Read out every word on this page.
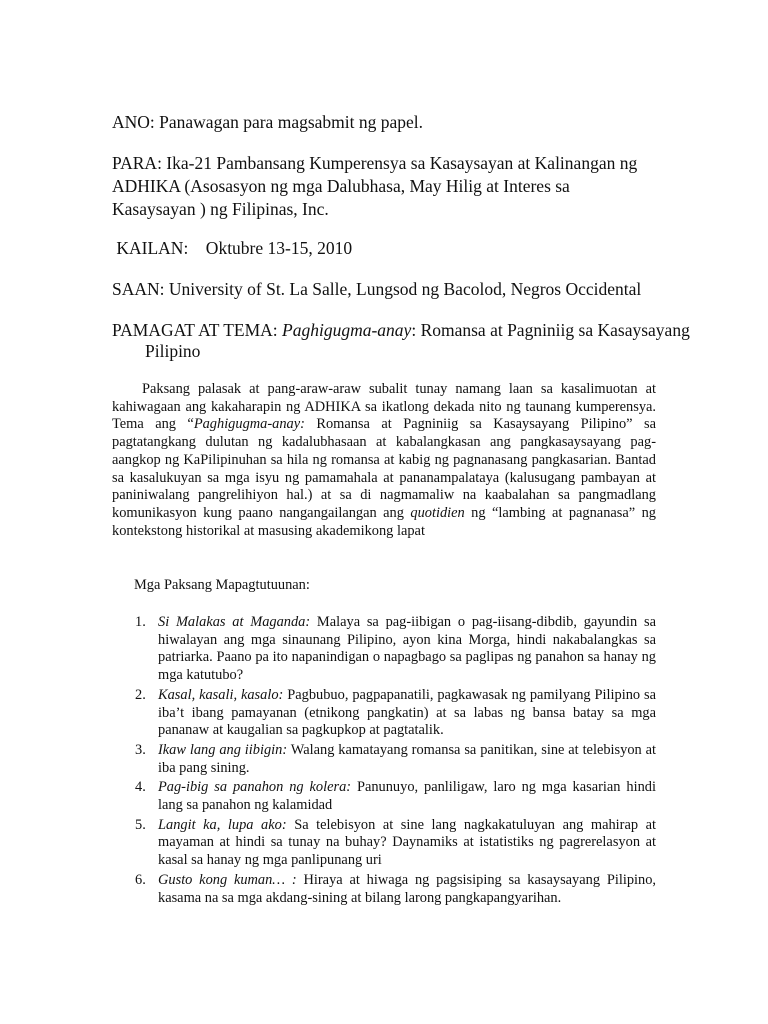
ANO: Panawagan para magsabmit ng papel.
PARA: Ika-21 Pambansang Kumperensya sa Kasaysayan at Kalinangan ng
ADHIKA (Asosasyon ng mga Dalubhasa, May Hilig at Interes sa
Kasaysayan ) ng Filipinas, Inc.
KAILAN:    Oktubre 13-15, 2010
SAAN: University of St. La Salle, Lungsod ng Bacolod, Negros Occidental
PAMAGAT AT TEMA: Paghigugma-anay: Romansa at Pagniniig sa Kasaysayang Pilipino
Paksang palasak at pang-araw-araw subalit tunay namang laan sa kasalimuotan at kahiwagaan ang kakaharapin ng ADHIKA sa ikatlong dekada nito ng taunang kumperensya. Tema ang “Paghigugma-anay: Romansa at Pagniniig sa Kasaysayang Pilipino” sa pagtatangkang dulutan ng kadalubhasaan at kabalangkasan ang pangkasaysayang pag-aangkop ng KaPilipinuhan sa hila ng romansa at kabig ng pagnanasang pangkasarian. Bantad sa kasalukuyan sa mga isyu ng pamamahala at pananampalataya (kalusugang pambayan at paniniwalang pangrelihiyon hal.) at sa di nagmamaliw na kaabalahan sa pangmadlang komunikasyon kung paano nangangailangan ang quotidien ng “lambing at pagnanasa” ng kontekstong historikal at masusing akademikong lapat
Mga Paksang Mapagtutuunan:
1. Si Malakas at Maganda: Malaya sa pag-iibigan o pag-iisang-dibdib, gayundin sa hiwalayan ang mga sinaunang Pilipino, ayon kina Morga, hindi nakabalangkas sa patriarka. Paano pa ito napanindigan o napagbago sa paglipas ng panahon sa hanay ng mga katutubo?
2. Kasal, kasali, kasalo: Pagbubuo, pagpapanatili, pagkawasak ng pamilyang Pilipino sa iba’t ibang pamayanan (etnikong pangkatin) at sa labas ng bansa batay sa mga pananaw at kaugalian sa pagkupkop at pagtatalik.
3. Ikaw lang ang iibigin: Walang kamatayang romansa sa panitikan, sine at telebisyon at iba pang sining.
4. Pag-ibig sa panahon ng kolera: Panunuyo, panliligaw, laro ng mga kasarian hindi lang sa panahon ng kalamidad
5. Langit ka, lupa ako: Sa telebisyon at sine lang nagkakatuluyan ang mahirap at mayaman at hindi sa tunay na buhay? Daynamiks at istatistiks ng pagrerelasyon at kasal sa hanay ng mga panlipunang uri
6. Gusto kong kuman… : Hiraya at hiwaga ng pagsisiping sa kasaysayang Pilipino, kasama na sa mga akdang-sining at bilang larong pangkapangyarihan.
